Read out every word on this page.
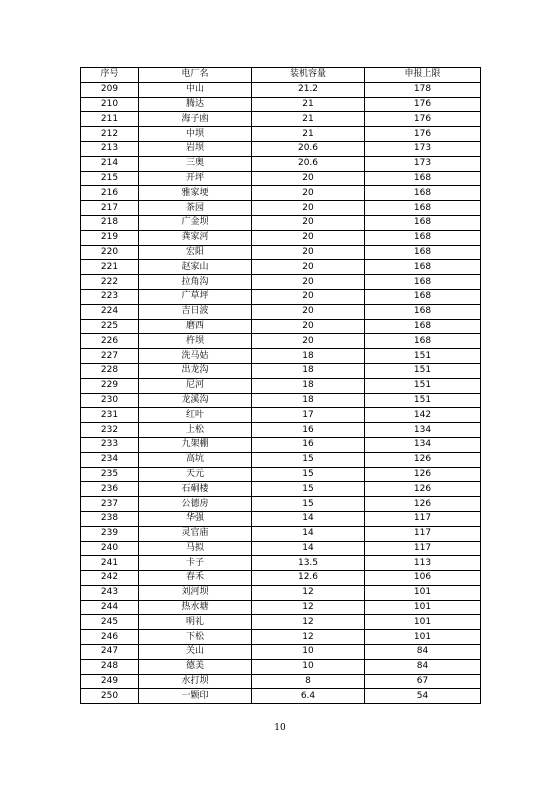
序号	电厂名	装机容量	申报上限
209	中山	21.2	178
210	腾达	21	176
211	海子凼	21	176
212	中坝	21	176
213	岩坝	20.6	173
214	三奥	20.6	173
215	开坪	20	168
216	雅家埂	20	168
217	茶园	20	168
218	广金坝	20	168
219	龚家河	20	168
220	宏阳	20	168
221	赵家山	20	168
222	拉角沟	20	168
223	广草坪	20	168
224	吉日波	20	168
225	磨西	20	168
226	杵坝	20	168
227	洗马姑	18	151
228	出龙沟	18	151
229	尼河	18	151
230	龙溪沟	18	151
231	红叶	17	142
232	上松	16	134
233	九架棚	16	134
234	高坑	15	126
235	天元	15	126
236	石硐楼	15	126
237	公德房	15	126
238	华强	14	117
239	灵官庙	14	117
240	马拟	14	117
241	卡子	13.5	113
242	春禾	12.6	106
243	刘河坝	12	101
244	热水塘	12	101
245	明礼	12	101
246	下松	12	101
247	关山	10	84
248	德美	10	84
249	水打坝	8	67
250	一颗印	6.4	54
10
